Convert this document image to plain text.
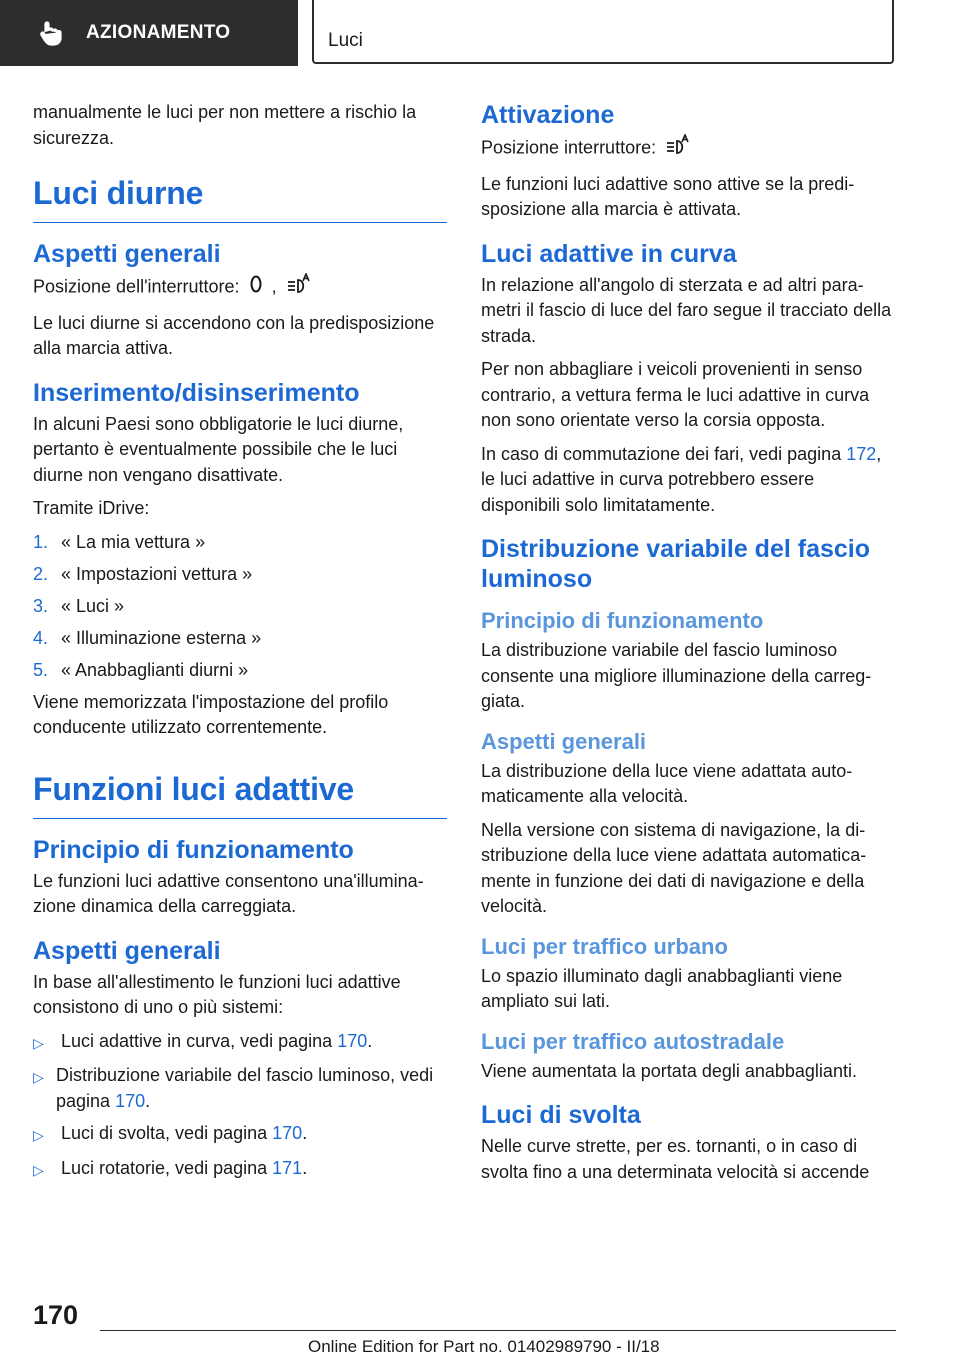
AZIONAMENTO	Luci

manualmente le luci per non mettere a rischio la sicurezza.

Luci diurne
Aspetti generali

Posizione dell'interruttore: ,

Le luci diurne si accendono con la predisposizione alla marcia attiva.

Inserimento/disinserimento

In alcuni Paesi sono obbligatorie le luci diurne, pertanto è eventualmente possibile che le luci diurne non vengano disattivate.

Tramite iDrive:

1. « La mia vettura »
2. « Impostazioni vettura »
3. « Luci »
4. « Illuminazione esterna »
5. « Anabbaglianti diurni »

Viene memorizzata l'impostazione del profilo conducente utilizzato correntemente.

Funzioni luci adattive
Principio di funzionamento

Le funzioni luci adattive consentono una'illuminazione dinamica della carreggiata.

Aspetti generali

In base all'allestimento le funzioni luci adattive consistono di uno o più sistemi:

▷ Luci adattive in curva, vedi pagina 170.
▷ Distribuzione variabile del fascio luminoso, vedi pagina 170.
▷ Luci di svolta, vedi pagina 170.
▷ Luci rotatorie, vedi pagina 171.
Attivazione

Posizione interruttore:

Le funzioni luci adattive sono attive se la predisposizione alla marcia è attivata.

Luci adattive in curva

In relazione all'angolo di sterzata e ad altri parametri il fascio di luce del faro segue il tracciato della strada.

Per non abbagliare i veicoli provenienti in senso contrario, a vettura ferma le luci adattive in curva non sono orientate verso la corsia opposta.

In caso di commutazione dei fari, vedi pagina 172, le luci adattive in curva potrebbero essere disponibili solo limitatamente.

Distribuzione variabile del fascio luminoso
Principio di funzionamento

La distribuzione variabile del fascio luminoso consente una migliore illuminazione della carreggiata.

Aspetti generali

La distribuzione della luce viene adattata automaticamente alla velocità.

Nella versione con sistema di navigazione, la distribuzione della luce viene adattata automaticamente in funzione dei dati di navigazione e della velocità.

Luci per traffico urbano

Lo spazio illuminato dagli anabbaglianti viene ampliato sui lati.

Luci per traffico autostradale

Viene aumentata la portata degli anabbaglianti.

Luci di svolta

Nelle curve strette, per es. tornanti, o in caso di svolta fino a una determinata velocità si accende

170
Online Edition for Part no. 01402989790 - II/18
